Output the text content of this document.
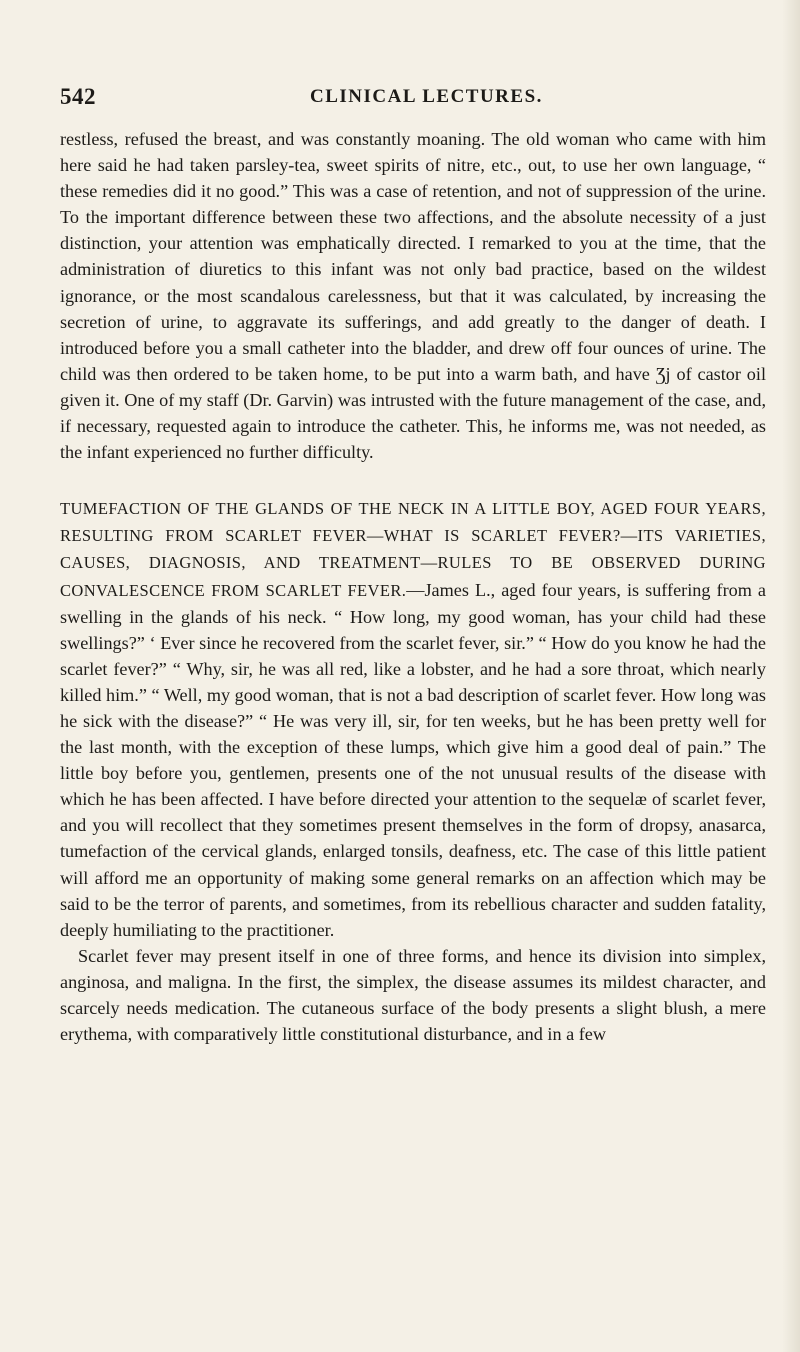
542	CLINICAL LECTURES.

restless, refused the breast, and was constantly moaning. The old woman who came with him here said he had taken parsley-tea, sweet spirits of nitre, etc., out, to use her own language, “ these remedies did it no good.” This was a case of retention, and not of suppression of the urine. To the important difference between these two affections, and the absolute necessity of a just distinction, your attention was emphatically directed. I remarked to you at the time, that the administration of diuretics to this infant was not only bad practice, based on the wildest ignorance, or the most scandalous carelessness, but that it was calculated, by increasing the secretion of urine, to aggravate its sufferings, and add greatly to the danger of death. I introduced before you a small catheter into the bladder, and drew off four ounces of urine. The child was then ordered to be taken home, to be put into a warm bath, and have Ʒj of castor oil given it. One of my staff (Dr. Garvin) was intrusted with the future management of the case, and, if necessary, requested again to introduce the catheter. This, he informs me, was not needed, as the infant experienced no further difficulty.

TUMEFACTION OF THE GLANDS OF THE NECK IN A LITTLE BOY, AGED FOUR YEARS, RESULTING FROM SCARLET FEVER—WHAT IS SCARLET FEVER?—ITS VARIETIES, CAUSES, DIAGNOSIS, AND TREATMENT—RULES TO BE OBSERVED DURING CONVALESCENCE FROM SCARLET FEVER.—James L., aged four years, is suffering from a swelling in the glands of his neck. “ How long, my good woman, has your child had these swellings?” ‘ Ever since he recovered from the scarlet fever, sir.” “ How do you know he had the scarlet fever?” “ Why, sir, he was all red, like a lobster, and he had a sore throat, which nearly killed him.” “ Well, my good woman, that is not a bad description of scarlet fever. How long was he sick with the disease?” “ He was very ill, sir, for ten weeks, but he has been pretty well for the last month, with the exception of these lumps, which give him a good deal of pain.” The little boy before you, gentlemen, presents one of the not unusual results of the disease with which he has been affected. I have before directed your attention to the sequelæ of scarlet fever, and you will recollect that they sometimes present themselves in the form of dropsy, anasarca, tumefaction of the cervical glands, enlarged tonsils, deafness, etc. The case of this little patient will afford me an opportunity of making some general remarks on an affection which may be said to be the terror of parents, and sometimes, from its rebellious character and sudden fatality, deeply humiliating to the practitioner.

Scarlet fever may present itself in one of three forms, and hence its division into simplex, anginosa, and maligna. In the first, the simplex, the disease assumes its mildest character, and scarcely needs medication. The cutaneous surface of the body presents a slight blush, a mere erythema, with comparatively little constitutional disturbance, and in a few
